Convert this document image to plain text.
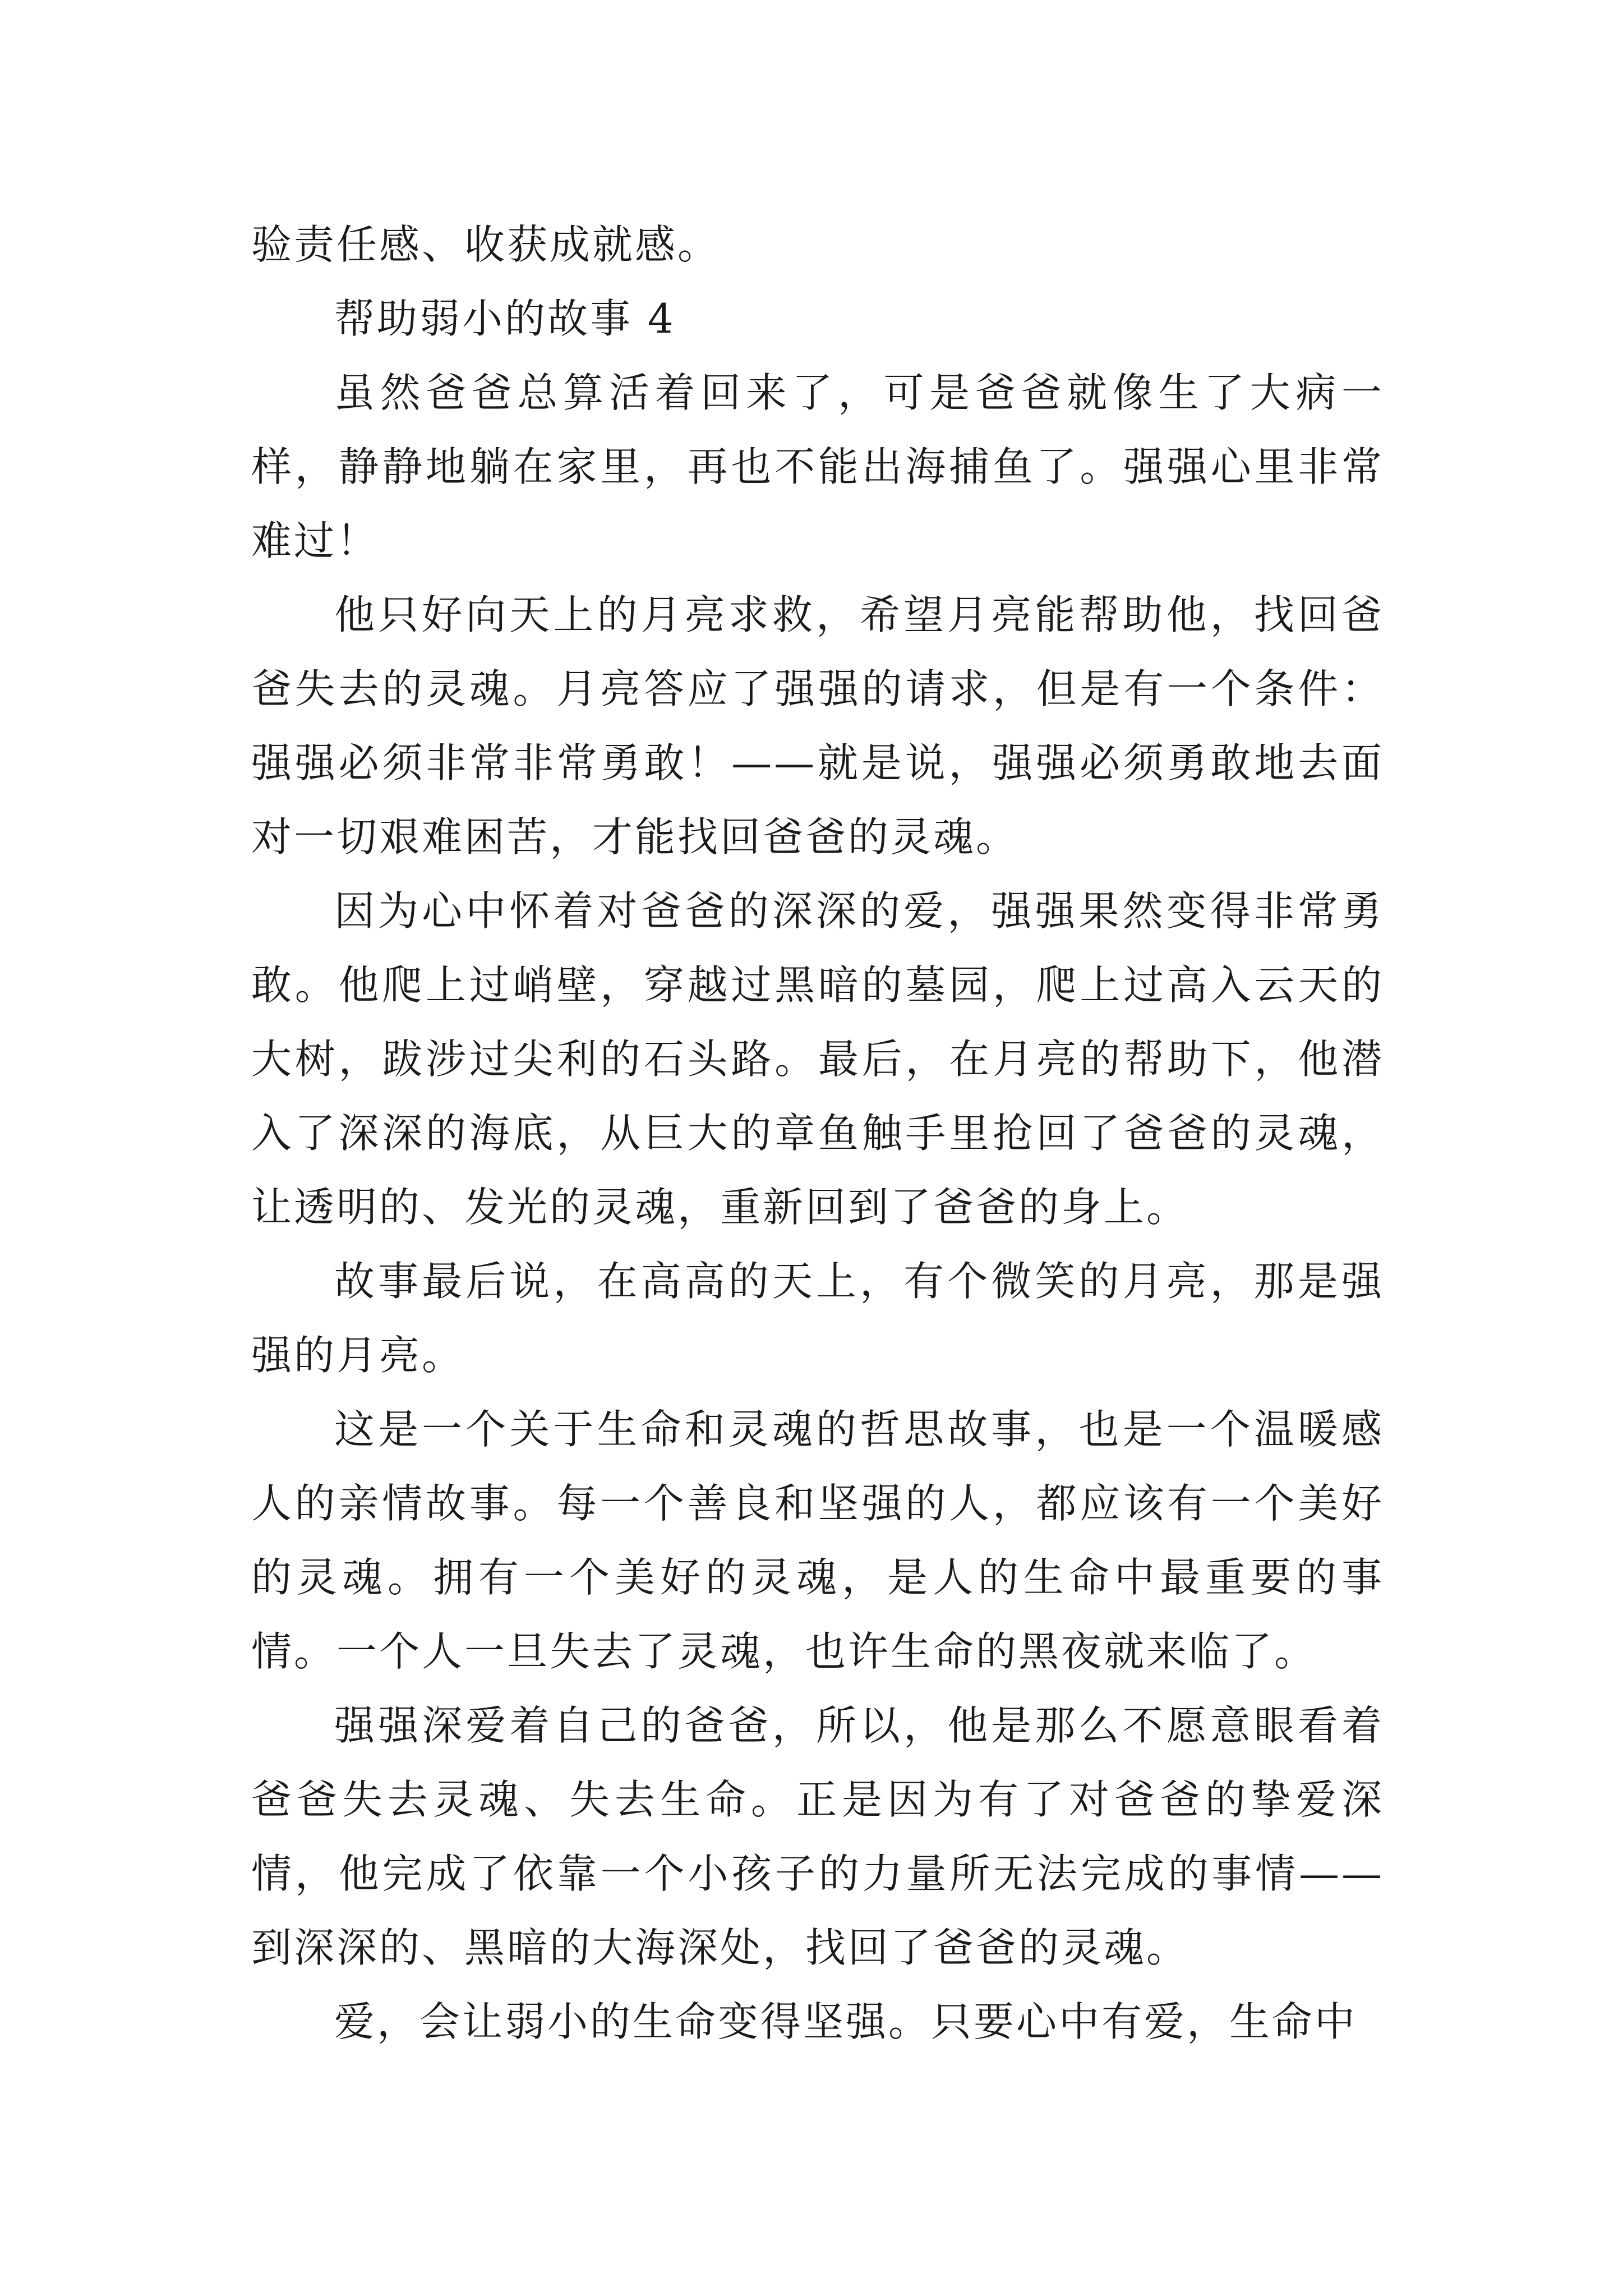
验责任感、收获成就感。

帮助弱小的故事 4

虽然爸爸总算活着回来了，可是爸爸就像生了大病一样，静静地躺在家里，再也不能出海捕鱼了。强强心里非常难过！

他只好向天上的月亮求救，希望月亮能帮助他，找回爸爸失去的灵魂。月亮答应了强强的请求，但是有一个条件：强强必须非常非常勇敢！——就是说，强强必须勇敢地去面对一切艰难困苦，才能找回爸爸的灵魂。

因为心中怀着对爸爸的深深的爱，强强果然变得非常勇敢。他爬上过峭壁，穿越过黑暗的墓园，爬上过高入云天的大树，跋涉过尖利的石头路。最后，在月亮的帮助下，他潜入了深深的海底，从巨大的章鱼触手里抢回了爸爸的灵魂，让透明的、发光的灵魂，重新回到了爸爸的身上。

故事最后说，在高高的天上，有个微笑的月亮，那是强强的月亮。

这是一个关于生命和灵魂的哲思故事，也是一个温暖感人的亲情故事。每一个善良和坚强的人，都应该有一个美好的灵魂。拥有一个美好的灵魂，是人的生命中最重要的事情。一个人一旦失去了灵魂，也许生命的黑夜就来临了。

强强深爱着自己的爸爸，所以，他是那么不愿意眼看着爸爸失去灵魂、失去生命。正是因为有了对爸爸的挚爱深情，他完成了依靠一个小孩子的力量所无法完成的事情——到深深的、黑暗的大海深处，找回了爸爸的灵魂。

爱，会让弱小的生命变得坚强。只要心中有爱，生命中
